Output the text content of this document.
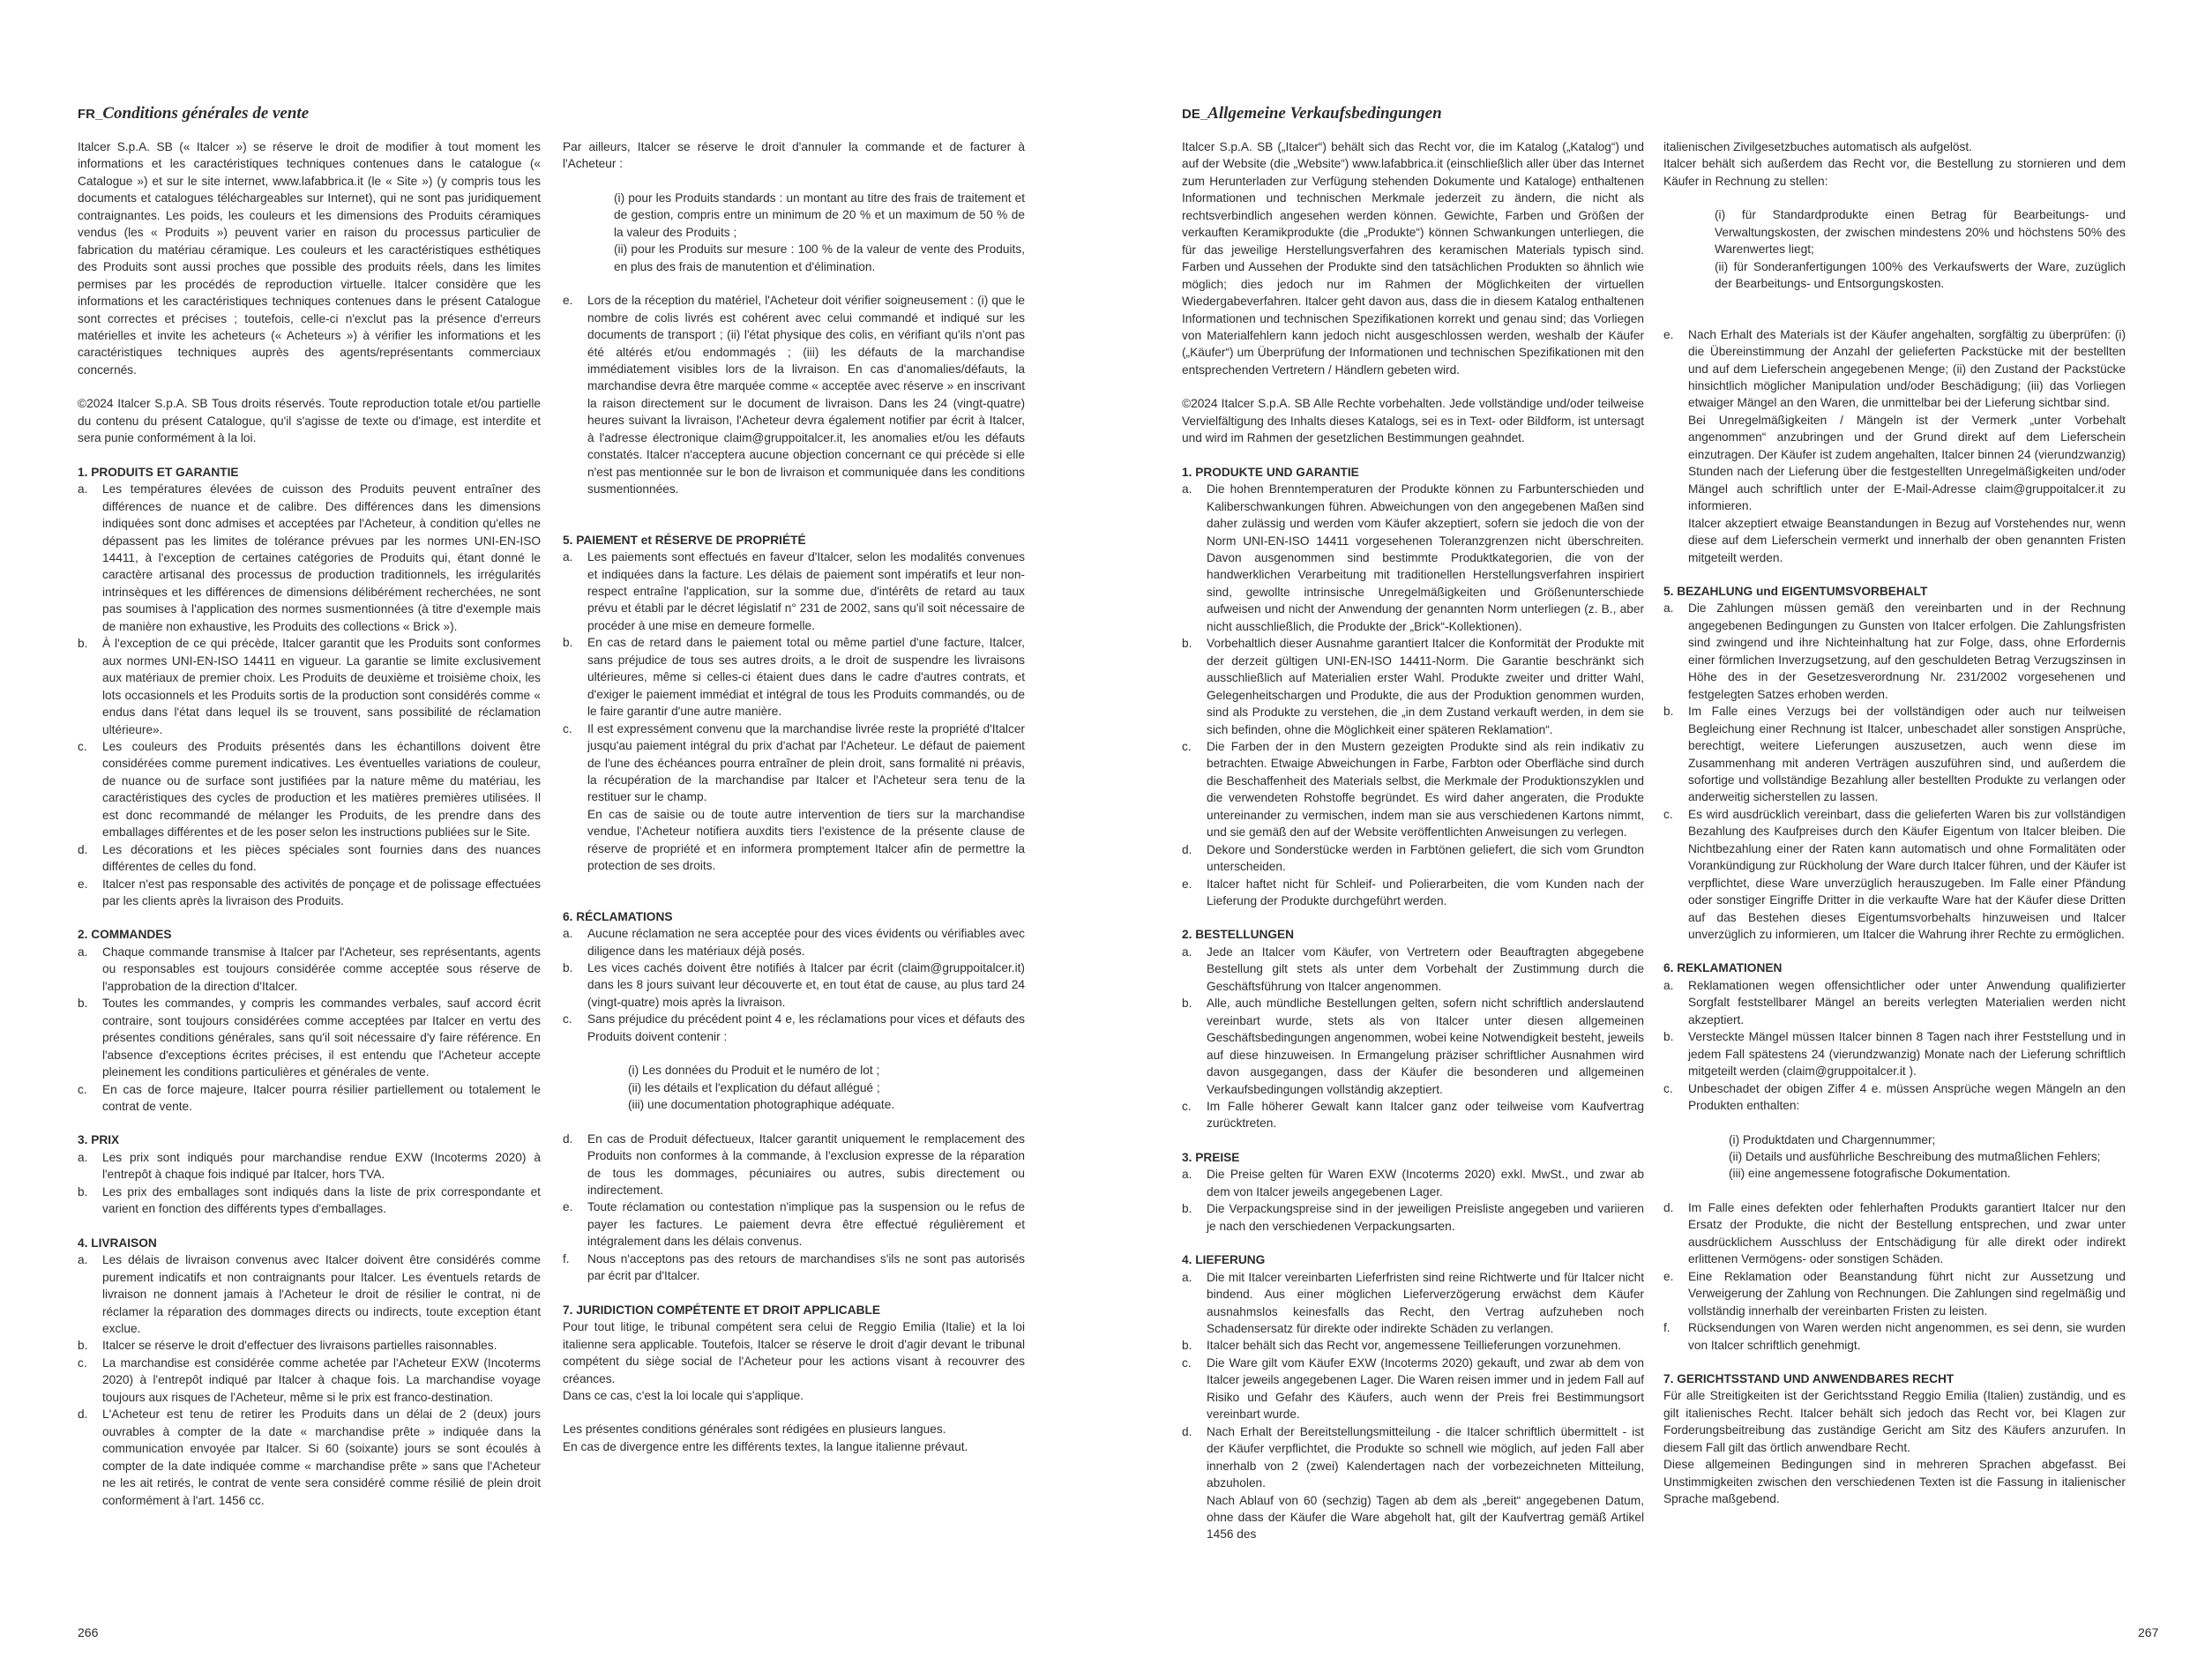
FR_Conditions générales de vente

Italcer S.p.A. SB (« Italcer ») se réserve le droit de modifier à tout moment les informations et les caractéristiques techniques contenues dans le catalogue (« Catalogue ») et sur le site internet, www.lafabbrica.it (le « Site ») (y compris tous les documents et catalogues téléchargeables sur Internet), qui ne sont pas juridiquement contraignantes. Les poids, les couleurs et les dimensions des Produits céramiques vendus (les « Produits ») peuvent varier en raison du processus particulier de fabrication du matériau céramique. Les couleurs et les caractéristiques esthétiques des Produits sont aussi proches que possible des produits réels, dans les limites permises par les procédés de reproduction virtuelle. Italcer considère que les informations et les caractéristiques techniques contenues dans le présent Catalogue sont correctes et précises ; toutefois, celle-ci n'exclut pas la présence d'erreurs matérielles et invite les acheteurs (« Acheteurs ») à vérifier les informations et les caractéristiques techniques auprès des agents/représentants commerciaux concernés.

©2024 Italcer S.p.A. SB Tous droits réservés. Toute reproduction totale et/ou partielle du contenu du présent Catalogue, qu'il s'agisse de texte ou d'image, est interdite et sera punie conformément à la loi.

1. PRODUITS ET GARANTIE
a.	Les températures élevées de cuisson des Produits peuvent entraîner des différences de nuance et de calibre. Des différences dans les dimensions indiquées sont donc admises et acceptées par l'Acheteur, à condition qu'elles ne dépassent pas les limites de tolérance prévues par les normes UNI-EN-ISO 14411, à l'exception de certaines catégories de Produits qui, étant donné le caractère artisanal des processus de production traditionnels, les irrégularités intrinsèques et les différences de dimensions délibérément recherchées, ne sont pas soumises à l'application des normes susmentionnées (à titre d'exemple mais de manière non exhaustive, les Produits des collections « Brick »).
b.	À l'exception de ce qui précède, Italcer garantit que les Produits sont conformes aux normes UNI-EN-ISO 14411 en vigueur. La garantie se limite exclusivement aux matériaux de premier choix. Les Produits de deuxième et troisième choix, les lots occasionnels et les Produits sortis de la production sont considérés comme « endus dans l'état dans lequel ils se trouvent, sans possibilité de réclamation ultérieure».
c.	Les couleurs des Produits présentés dans les échantillons doivent être considérées comme purement indicatives. Les éventuelles variations de couleur, de nuance ou de surface sont justifiées par la nature même du matériau, les caractéristiques des cycles de production et les matières premières utilisées. Il est donc recommandé de mélanger les Produits, de les prendre dans des emballages différentes et de les poser selon les instructions publiées sur le Site.
d.	Les décorations et les pièces spéciales sont fournies dans des nuances différentes de celles du fond.
e.	Italcer n'est pas responsable des activités de ponçage et de polissage effectuées par les clients après la livraison des Produits.
2. COMMANDES
a.	Chaque commande transmise à Italcer par l'Acheteur, ses représentants, agents ou responsables est toujours considérée comme acceptée sous réserve de l'approbation de la direction d'Italcer.
b.	Toutes les commandes, y compris les commandes verbales, sauf accord écrit contraire, sont toujours considérées comme acceptées par Italcer en vertu des présentes conditions générales, sans qu'il soit nécessaire d'y faire référence. En l'absence d'exceptions écrites précises, il est entendu que l'Acheteur accepte pleinement les conditions particulières et générales de vente.
c.	En cas de force majeure, Italcer pourra résilier partiellement ou totalement le contrat de vente.
3. PRIX
a.	Les prix sont indiqués pour marchandise rendue EXW (Incoterms 2020) à l'entrepôt à chaque fois indiqué par Italcer, hors TVA.
b.	Les prix des emballages sont indiqués dans la liste de prix correspondante et varient en fonction des différents types d'emballages.
4. LIVRAISON
a.	Les délais de livraison convenus avec Italcer doivent être considérés comme purement indicatifs et non contraignants pour Italcer. Les éventuels retards de livraison ne donnent jamais à l'Acheteur le droit de résilier le contrat, ni de réclamer la réparation des dommages directs ou indirects, toute exception étant exclue.
b.	Italcer se réserve le droit d'effectuer des livraisons partielles raisonnables.
c.	La marchandise est considérée comme achetée par l'Acheteur EXW (Incoterms 2020) à l'entrepôt indiqué par Italcer à chaque fois. La marchandise voyage toujours aux risques de l'Acheteur, même si le prix est franco-destination.
d.	L'Acheteur est tenu de retirer les Produits dans un délai de 2 (deux) jours ouvrables à compter de la date « marchandise prête » indiquée dans la communication envoyée par Italcer. Si 60 (soixante) jours se sont écoulés à compter de la date indiquée comme « marchandise prête » sans que l'Acheteur ne les ait retirés, le contrat de vente sera considéré comme résilié de plein droit conformément à l'art. 1456 cc.

Par ailleurs, Italcer se réserve le droit d'annuler la commande et de facturer à l'Acheteur :

(i) pour les Produits standards : un montant au titre des frais de traitement et de gestion, compris entre un minimum de 20 % et un maximum de 50 % de la valeur des Produits ;
(ii) pour les Produits sur mesure : 100 % de la valeur de vente des Produits, en plus des frais de manutention et d'élimination.
e.	Lors de la réception du matériel, l'Acheteur doit vérifier soigneusement : (i) que le nombre de colis livrés est cohérent avec celui commandé et indiqué sur les documents de transport ; (ii) l'état physique des colis, en vérifiant qu'ils n'ont pas été altérés et/ou endommagés ; (iii) les défauts de la marchandise immédiatement visibles lors de la livraison. En cas d'anomalies/défauts, la marchandise devra être marquée comme « acceptée avec réserve » en inscrivant la raison directement sur le document de livraison. Dans les 24 (vingt-quatre) heures suivant la livraison, l'Acheteur devra également notifier par écrit à Italcer, à l'adresse électronique claim@gruppoitalcer.it, les anomalies et/ou les défauts constatés. Italcer n'acceptera aucune objection concernant ce qui précède si elle n'est pas mentionnée sur le bon de livraison et communiquée dans les conditions susmentionnées.
5. PAIEMENT et RÉSERVE DE PROPRIÉTÉ
a.	Les paiements sont effectués en faveur d'Italcer, selon les modalités convenues et indiquées dans la facture. Les délais de paiement sont impératifs et leur non-respect entraîne l'application, sur la somme due, d'intérêts de retard au taux prévu et établi par le décret législatif n° 231 de 2002, sans qu'il soit nécessaire de procéder à une mise en demeure formelle.
b.	En cas de retard dans le paiement total ou même partiel d'une facture, Italcer, sans préjudice de tous ses autres droits, a le droit de suspendre les livraisons ultérieures, même si celles-ci étaient dues dans le cadre d'autres contrats, et d'exiger le paiement immédiat et intégral de tous les Produits commandés, ou de le faire garantir d'une autre manière.
c.	Il est expressément convenu que la marchandise livrée reste la propriété d'Italcer jusqu'au paiement intégral du prix d'achat par l'Acheteur. Le défaut de paiement de l'une des échéances pourra entraîner de plein droit, sans formalité ni préavis, la récupération de la marchandise par Italcer et l'Acheteur sera tenu de la restituer sur le champ.
En cas de saisie ou de toute autre intervention de tiers sur la marchandise vendue, l'Acheteur notifiera auxdits tiers l'existence de la présente clause de réserve de propriété et en informera promptement Italcer afin de permettre la protection de ses droits.
6. RÉCLAMATIONS
a.	Aucune réclamation ne sera acceptée pour des vices évidents ou vérifiables avec diligence dans les matériaux déjà posés.
b.	Les vices cachés doivent être notifiés à Italcer par écrit (claim@gruppoitalcer.it) dans les 8 jours suivant leur découverte et, en tout état de cause, au plus tard 24 (vingt-quatre) mois après la livraison.
c.	Sans préjudice du précédent point 4 e, les réclamations pour vices et défauts des Produits doivent contenir :
(i) Les données du Produit et le numéro de lot ;
(ii) les détails et l'explication du défaut allégué ;
(iii) une documentation photographique adéquate.
d.	En cas de Produit défectueux, Italcer garantit uniquement le remplacement des Produits non conformes à la commande, à l'exclusion expresse de la réparation de tous les dommages, pécuniaires ou autres, subis directement ou indirectement.
e.	Toute réclamation ou contestation n'implique pas la suspension ou le refus de payer les factures. Le paiement devra être effectué régulièrement et intégralement dans les délais convenus.
f.	Nous n'acceptons pas des retours de marchandises s'ils ne sont pas autorisés par écrit par d'Italcer.
7. JURIDICTION COMPÉTENTE ET DROIT APPLICABLE
Pour tout litige, le tribunal compétent sera celui de Reggio Emilia (Italie) et la loi italienne sera applicable. Toutefois, Italcer se réserve le droit d'agir devant le tribunal compétent du siège social de l'Acheteur pour les actions visant à recouvrer des créances.
Dans ce cas, c'est la loi locale qui s'applique.
Les présentes conditions générales sont rédigées en plusieurs langues.
En cas de divergence entre les différents textes, la langue italienne prévaut.
266
DE_Allgemeine Verkaufsbedingungen

Italcer S.p.A. SB („Italcer“) behält sich das Recht vor, die im Katalog („Katalog“) und auf der Website (die „Website“) www.lafabbrica.it (einschließlich aller über das Internet zum Herunterladen zur Verfügung stehenden Dokumente und Kataloge) enthaltenen Informationen und technischen Merkmale jederzeit zu ändern, die nicht als rechtsverbindlich angesehen werden können. Gewichte, Farben und Größen der verkauften Keramikprodukte (die „Produkte“) können Schwankungen unterliegen, die für das jeweilige Herstellungsverfahren des keramischen Materials typisch sind. Farben und Aussehen der Produkte sind den tatsächlichen Produkten so ähnlich wie möglich; dies jedoch nur im Rahmen der Möglichkeiten der virtuellen Wiedergabeverfahren. Italcer geht davon aus, dass die in diesem Katalog enthaltenen Informationen und technischen Spezifikationen korrekt und genau sind; das Vorliegen von Materialfehlern kann jedoch nicht ausgeschlossen werden, weshalb der Käufer („Käufer“) um Überprüfung der Informationen und technischen Spezifikationen mit den entsprechenden Vertretern / Händlern gebeten wird.

©2024 Italcer S.p.A. SB Alle Rechte vorbehalten. Jede vollständige und/oder teilweise Vervielfältigung des Inhalts dieses Katalogs, sei es in Text- oder Bildform, ist untersagt und wird im Rahmen der gesetzlichen Bestimmungen geahndet.

1. PRODUKTE UND GARANTIE
a.	Die hohen Brenntemperaturen der Produkte können zu Farbunterschieden und Kaliberschwankungen führen. Abweichungen von den angegebenen Maßen sind daher zulässig und werden vom Käufer akzeptiert, sofern sie jedoch die von der Norm UNI-EN-ISO 14411 vorgesehenen Toleranzgrenzen nicht überschreiten. Davon ausgenommen sind bestimmte Produktkategorien, die von der handwerklichen Verarbeitung mit traditionellen Herstellungsverfahren inspiriert sind, gewollte intrinsische Unregelmäßigkeiten und Größenunterschiede aufweisen und nicht der Anwendung der genannten Norm unterliegen (z. B., aber nicht ausschließlich, die Produkte der „Brick“-Kollektionen).
b.	Vorbehaltlich dieser Ausnahme garantiert Italcer die Konformität der Produkte mit der derzeit gültigen UNI-EN-ISO 14411-Norm. Die Garantie beschränkt sich ausschließlich auf Materialien erster Wahl. Produkte zweiter und dritter Wahl, Gelegenheitschargen und Produkte, die aus der Produktion genommen wurden, sind als Produkte zu verstehen, die „in dem Zustand verkauft werden, in dem sie sich befinden, ohne die Möglichkeit einer späteren Reklamation“.
c.	Die Farben der in den Mustern gezeigten Produkte sind als rein indikativ zu betrachten. Etwaige Abweichungen in Farbe, Farbton oder Oberfläche sind durch die Beschaffenheit des Materials selbst, die Merkmale der Produktionszyklen und die verwendeten Rohstoffe begründet. Es wird daher angeraten, die Produkte untereinander zu vermischen, indem man sie aus verschiedenen Kartons nimmt, und sie gemäß den auf der Website veröffentlichten Anweisungen zu verlegen.
d.	Dekore und Sonderstücke werden in Farbtönen geliefert, die sich vom Grundton unterscheiden.
e.	Italcer haftet nicht für Schleif- und Polierarbeiten, die vom Kunden nach der Lieferung der Produkte durchgeführt werden.
2. BESTELLUNGEN
a.	Jede an Italcer vom Käufer, von Vertretern oder Beauftragten abgegebene Bestellung gilt stets als unter dem Vorbehalt der Zustimmung durch die Geschäftsführung von Italcer angenommen.
b.	Alle, auch mündliche Bestellungen gelten, sofern nicht schriftlich anderslautend vereinbart wurde, stets als von Italcer unter diesen allgemeinen Geschäftsbedingungen angenommen, wobei keine Notwendigkeit besteht, jeweils auf diese hinzuweisen. In Ermangelung präziser schriftlicher Ausnahmen wird davon ausgegangen, dass der Käufer die besonderen und allgemeinen Verkaufsbedingungen vollständig akzeptiert.
c.	Im Falle höherer Gewalt kann Italcer ganz oder teilweise vom Kaufvertrag zurücktreten.
3. PREISE
a.	Die Preise gelten für Waren EXW (Incoterms 2020) exkl. MwSt., und zwar ab dem von Italcer jeweils angegebenen Lager.
b.	Die Verpackungspreise sind in der jeweiligen Preisliste angegeben und variieren je nach den verschiedenen Verpackungsarten.
4. LIEFERUNG
a.	Die mit Italcer vereinbarten Lieferfristen sind reine Richtwerte und für Italcer nicht bindend. Aus einer möglichen Lieferverzögerung erwächst dem Käufer ausnahmslos keinesfalls das Recht, den Vertrag aufzuheben noch Schadensersatz für direkte oder indirekte Schäden zu verlangen.
b.	Italcer behält sich das Recht vor, angemessene Teillieferungen vorzunehmen.
c.	Die Ware gilt vom Käufer EXW (Incoterms 2020) gekauft, und zwar ab dem von Italcer jeweils angegebenen Lager. Die Waren reisen immer und in jedem Fall auf Risiko und Gefahr des Käufers, auch wenn der Preis frei Bestimmungsort vereinbart wurde.
d.	Nach Erhalt der Bereitstellungsmitteilung - die Italcer schriftlich übermittelt - ist der Käufer verpflichtet, die Produkte so schnell wie möglich, auf jeden Fall aber innerhalb von 2 (zwei) Kalendertagen nach der vorbezeichneten Mitteilung, abzuholen.
Nach Ablauf von 60 (sechzig) Tagen ab dem als „bereit“ angegebenen Datum, ohne dass der Käufer die Ware abgeholt hat, gilt der Kaufvertrag gemäß Artikel 1456 des
italienischen Zivilgesetzbuches automatisch als aufgelöst.

Italcer behält sich außerdem das Recht vor, die Bestellung zu stornieren und dem Käufer in Rechnung zu stellen:

(i) für Standardprodukte einen Betrag für Bearbeitungs- und Verwaltungskosten, der zwischen mindestens 20% und höchstens 50% des Warenwertes liegt;
(ii) für Sonderanfertigungen 100% des Verkaufswerts der Ware, zuzüglich der Bearbeitungs- und Entsorgungskosten.
e.	Nach Erhalt des Materials ist der Käufer angehalten, sorgfältig zu überprüfen: (i) die Übereinstimmung der Anzahl der gelieferten Packstücke mit der bestellten und auf dem Lieferschein angegebenen Menge; (ii) den Zustand der Packstücke hinsichtlich möglicher Manipulation und/oder Beschädigung; (iii) das Vorliegen etwaiger Mängel an den Waren, die unmittelbar bei der Lieferung sichtbar sind.
Bei Unregelmäßigkeiten / Mängeln ist der Vermerk „unter Vorbehalt angenommen“ anzubringen und der Grund direkt auf dem Lieferschein einzutragen. Der Käufer ist zudem angehalten, Italcer binnen 24 (vierundzwanzig) Stunden nach der Lieferung über die festgestellten Unregelmäßigkeiten und/oder Mängel auch schriftlich unter der E-Mail-Adresse claim@gruppoitalcer.it zu informieren.
Italcer akzeptiert etwaige Beanstandungen in Bezug auf Vorstehendes nur, wenn diese auf dem Lieferschein vermerkt und innerhalb der oben genannten Fristen mitgeteilt werden.
5. BEZAHLUNG und EIGENTUMSVORBEHALT
a.	Die Zahlungen müssen gemäß den vereinbarten und in der Rechnung angegebenen Bedingungen zu Gunsten von Italcer erfolgen. Die Zahlungsfristen sind zwingend und ihre Nichteinhaltung hat zur Folge, dass, ohne Erfordernis einer förmlichen Inverzugsetzung, auf den geschuldeten Betrag Verzugszinsen in Höhe des in der Gesetzesverordnung Nr. 231/2002 vorgesehenen und festgelegten Satzes erhoben werden.
b.	Im Falle eines Verzugs bei der vollständigen oder auch nur teilweisen Begleichung einer Rechnung ist Italcer, unbeschadet aller sonstigen Ansprüche, berechtigt, weitere Lieferungen auszusetzen, auch wenn diese im Zusammenhang mit anderen Verträgen auszuführen sind, und außerdem die sofortige und vollständige Bezahlung aller bestellten Produkte zu verlangen oder anderweitig sicherstellen zu lassen.
c.	Es wird ausdrücklich vereinbart, dass die gelieferten Waren bis zur vollständigen Bezahlung des Kaufpreises durch den Käufer Eigentum von Italcer bleiben. Die Nichtbezahlung einer der Raten kann automatisch und ohne Formalitäten oder Vorankündigung zur Rückholung der Ware durch Italcer führen, und der Käufer ist verpflichtet, diese Ware unverzüglich herauszugeben. Im Falle einer Pfändung oder sonstiger Eingriffe Dritter in die verkaufte Ware hat der Käufer diese Dritten auf das Bestehen dieses Eigentumsvorbehalts hinzuweisen und Italcer unverzüglich zu informieren, um Italcer die Wahrung ihrer Rechte zu ermöglichen.
6. REKLAMATIONEN
a.	Reklamationen wegen offensichtlicher oder unter Anwendung qualifizierter Sorgfalt feststellbarer Mängel an bereits verlegten Materialien werden nicht akzeptiert.
b.	Versteckte Mängel müssen Italcer binnen 8 Tagen nach ihrer Feststellung und in jedem Fall spätestens 24 (vierundzwanzig) Monate nach der Lieferung schriftlich mitgeteilt werden (claim@gruppoitalcer.it ).
c.	Unbeschadet der obigen Ziffer 4 e. müssen Ansprüche wegen Mängeln an den Produkten enthalten:
(i) Produktdaten und Chargennummer;
(ii) Details und ausführliche Beschreibung des mutmaßlichen Fehlers;
(iii) eine angemessene fotografische Dokumentation.
d.	Im Falle eines defekten oder fehlerhaften Produkts garantiert Italcer nur den Ersatz der Produkte, die nicht der Bestellung entsprechen, und zwar unter ausdrücklichem Ausschluss der Entschädigung für alle direkt oder indirekt erlittenen Vermögens- oder sonstigen Schäden.
e.	Eine Reklamation oder Beanstandung führt nicht zur Aussetzung und Verweigerung der Zahlung von Rechnungen. Die Zahlungen sind regelmäßig und vollständig innerhalb der vereinbarten Fristen zu leisten.
f.	Rücksendungen von Waren werden nicht angenommen, es sei denn, sie wurden von Italcer schriftlich genehmigt.
7. GERICHTSSTAND UND ANWENDBARES RECHT
Für alle Streitigkeiten ist der Gerichtsstand Reggio Emilia (Italien) zuständig, und es gilt italienisches Recht. Italcer behält sich jedoch das Recht vor, bei Klagen zur Forderungsbeitreibung das zuständige Gericht am Sitz des Käufers anzurufen. In diesem Fall gilt das örtlich anwendbare Recht.
Diese allgemeinen Bedingungen sind in mehreren Sprachen abgefasst. Bei Unstimmigkeiten zwischen den verschiedenen Texten ist die Fassung in italienischer Sprache maßgebend.
267
